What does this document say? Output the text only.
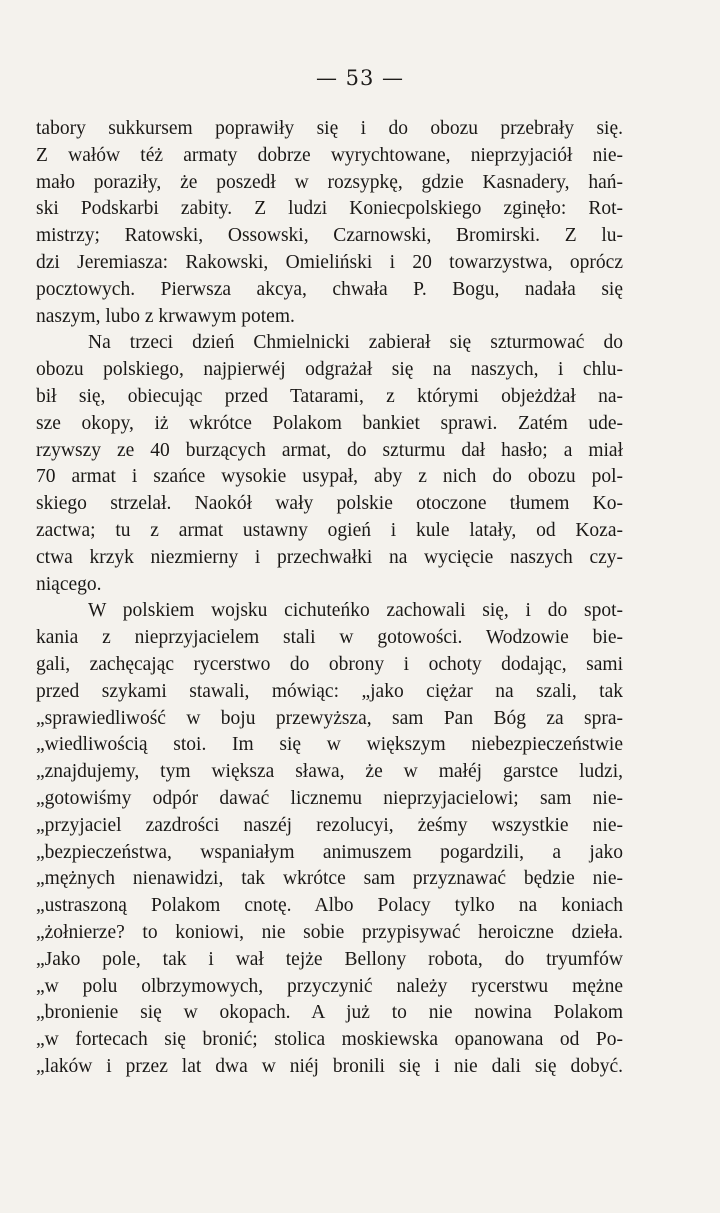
— 53 —
tabory sukkursem poprawiły się i do obozu przebrały się.
Z wałów téż armaty dobrze wyrychtowane, nieprzyjaciół nie-
mało poraziły, że poszedł w rozsypkę, gdzie Kasnadery, hań-
ski Podskarbi zabity. Z ludzi Koniecpolskiego zginęło: Rot-
mistrzy; Ratowski, Ossowski, Czarnowski, Bromirski. Z lu-
dzi Jeremiasza: Rakowski, Omieliński i 20 towarzystwa, oprócz
pocztowych. Pierwsza akcya, chwała P. Bogu, nadała się
naszym, lubo z krwawym potem.
Na trzeci dzień Chmielnicki zabierał się szturmować do
obozu polskiego, najpierwéj odgrażał się na naszych, i chlu-
bił się, obiecując przed Tatarami, z którymi objeżdżał na-
sze okopy, iż wkrótce Polakom bankiet sprawi. Zatém ude-
rzywszy ze 40 burzących armat, do szturmu dał hasło; a miał
70 armat i szańce wysokie usypał, aby z nich do obozu pol-
skiego strzelał. Naokół wały polskie otoczone tłumem Ko-
zactwa; tu z armat ustawny ogień i kule latały, od Koza-
ctwa krzyk niezmierny i przechwałki na wycięcie naszych czy-
niącego.
W polskiem wojsku cichuteńko zachowali się, i do spot-
kania z nieprzyjacielem stali w gotowości. Wodzowie bie-
gali, zachęcając rycerstwo do obrony i ochoty dodając, sami
przed szykami stawali, mówiąc: „jako ciężar na szali, tak
„sprawiedliwość w boju przewyższa, sam Pan Bóg za spra-
„wiedliwością stoi. Im się w większym niebezpieczeństwie
„znajdujemy, tym większa sława, że w małéj garstce ludzi,
„gotowiśmy odpór dawać licznemu nieprzyjacielowi; sam nie-
„przyjaciel zazdrości naszéj rezolucyi, żeśmy wszystkie nie-
„bezpieczeństwa, wspaniałym animuszem pogardzili, a jako
„mężnych nienawidzi, tak wkrótce sam przyznawać będzie nie-
„ustraszoną Polakom cnotę. Albo Polacy tylko na koniach
„żołnierze? to koniowi, nie sobie przypisywać heroiczne dzieła.
„Jako pole, tak i wał tejże Bellony robota, do tryumfów
„w polu olbrzymowych, przyczynić należy rycerstwu mężne
„bronienie się w okopach. A już to nie nowina Polakom
„w fortecach się bronić; stolica moskiewska opanowana od Po-
„laków i przez lat dwa w niéj bronili się i nie dali się dobyć.
